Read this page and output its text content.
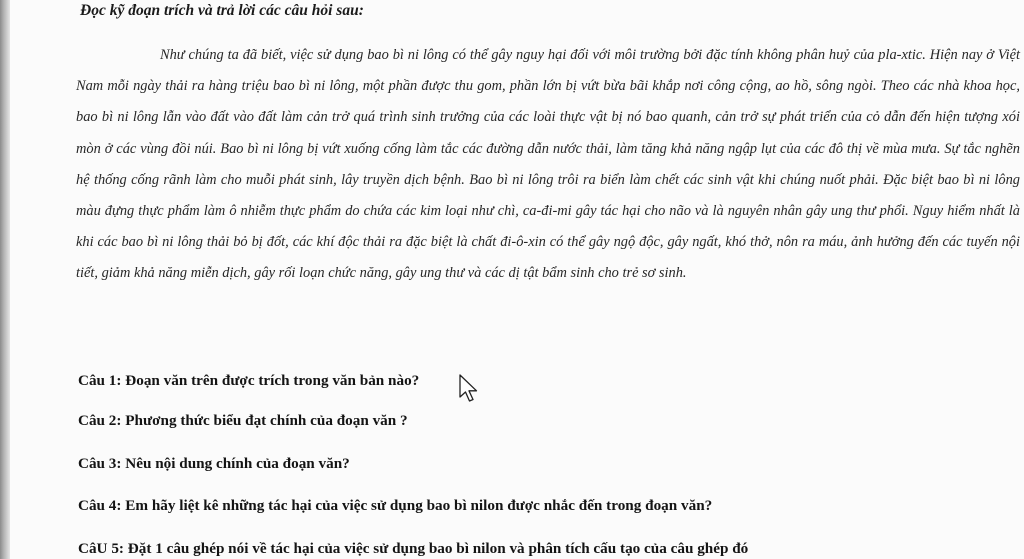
Đọc kỹ đoạn trích và trả lời các câu hỏi sau:

Như chúng ta đã biết, việc sử dụng bao bì ni lông có thể gây nguy hại đối với môi trường bởi đặc tính không phân huỷ của pla-xtic. Hiện nay ở Việt Nam mỗi ngày thải ra hàng triệu bao bì ni lông, một phần được thu gom, phần lớn bị vứt bừa bãi khắp nơi công cộng, ao hồ, sông ngòi. Theo các nhà khoa học, bao bì ni lông lẫn vào đất vào đất làm cản trở quá trình sinh trưởng của các loài thực vật bị nó bao quanh, cản trở sự phát triển của cỏ dẫn đến hiện tượng xói mòn ở các vùng đồi núi. Bao bì ni lông bị vứt xuống cống làm tắc các đường dẫn nước thải, làm tăng khả năng ngập lụt của các đô thị về mùa mưa. Sự tắc nghẽn hệ thống cống rãnh làm cho muỗi phát sinh, lây truyền dịch bệnh. Bao bì ni lông trôi ra biển làm chết các sinh vật khi chúng nuốt phải. Đặc biệt bao bì ni lông màu đựng thực phẩm làm ô nhiễm thực phẩm do chứa các kim loại như chì, ca-đi-mi gây tác hại cho não và là nguyên nhân gây ung thư phổi. Nguy hiểm nhất là khi các bao bì ni lông thải bỏ bị đốt, các khí độc thải ra đặc biệt là chất đi-ô-xin có thể gây ngộ độc, gây ngất, khó thở, nôn ra máu, ảnh hưởng đến các tuyến nội tiết, giảm khả năng miễn dịch, gây rối loạn chức năng, gây ung thư và các dị tật bẩm sinh cho trẻ sơ sinh.

Câu 1: Đoạn văn trên được trích trong văn bản nào?

Câu 2: Phương thức biểu đạt chính của đoạn văn ?

Câu 3: Nêu nội dung chính của đoạn văn?

Câu 4: Em hãy liệt kê những tác hại của việc sử dụng bao bì nilon được nhắc đến trong đoạn văn?

CâU 5: Đặt 1 câu ghép nói về tác hại của việc sử dụng bao bì nilon và phân tích cấu tạo của câu ghép đó
